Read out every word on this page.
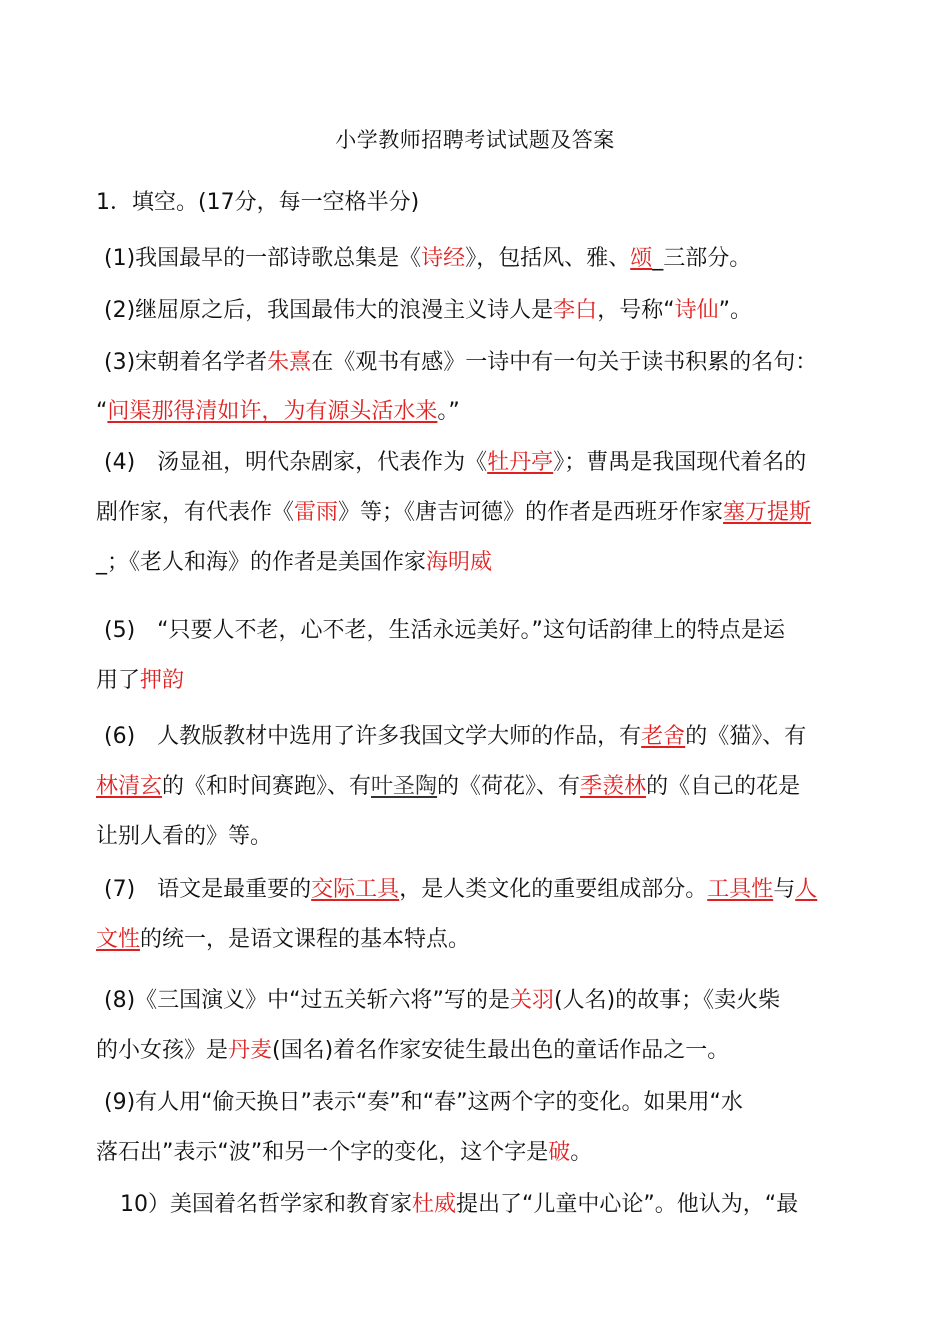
小学教师招聘考试试题及答案
1．填空。(17分，每一空格半分)
(1)我国最早的一部诗歌总集是《诗经》，包括风、雅、颂_三部分。
(2)继屈原之后，我国最伟大的浪漫主义诗人是李白，号称“诗仙”。
(3)宋朝着名学者朱熹在《观书有感》一诗中有一句关于读书积累的名句：
“问渠那得清如许，为有源头活水来。”
(4)　汤显祖，明代杂剧家，代表作为《牡丹亭》；曹禺是我国现代着名的
剧作家，有代表作《雷雨》等；《唐吉诃德》的作者是西班牙作家塞万提斯
_；《老人和海》的作者是美国作家海明威
(5)　“只要人不老，心不老，生活永远美好。”这句话韵律上的特点是运
用了押韵
(6)　人教版教材中选用了许多我国文学大师的作品，有老舍的《猫》、有
林清玄的《和时间赛跑》、有叶圣陶的《荷花》、有季羡林的《自己的花是
让别人看的》等。
(7)　语文是最重要的交际工具，是人类文化的重要组成部分。工具性与人
文性的统一，是语文课程的基本特点。
(8)《三国演义》中“过五关斩六将”写的是关羽(人名)的故事；《卖火柴
的小女孩》是丹麦(国名)着名作家安徒生最出色的童话作品之一。
(9)有人用“偷天换日”表示“奏”和“春”这两个字的变化。如果用“水
落石出”表示“波”和另一个字的变化，这个字是破。
10）美国着名哲学家和教育家杜威提出了“儿童中心论”。他认为，“最
